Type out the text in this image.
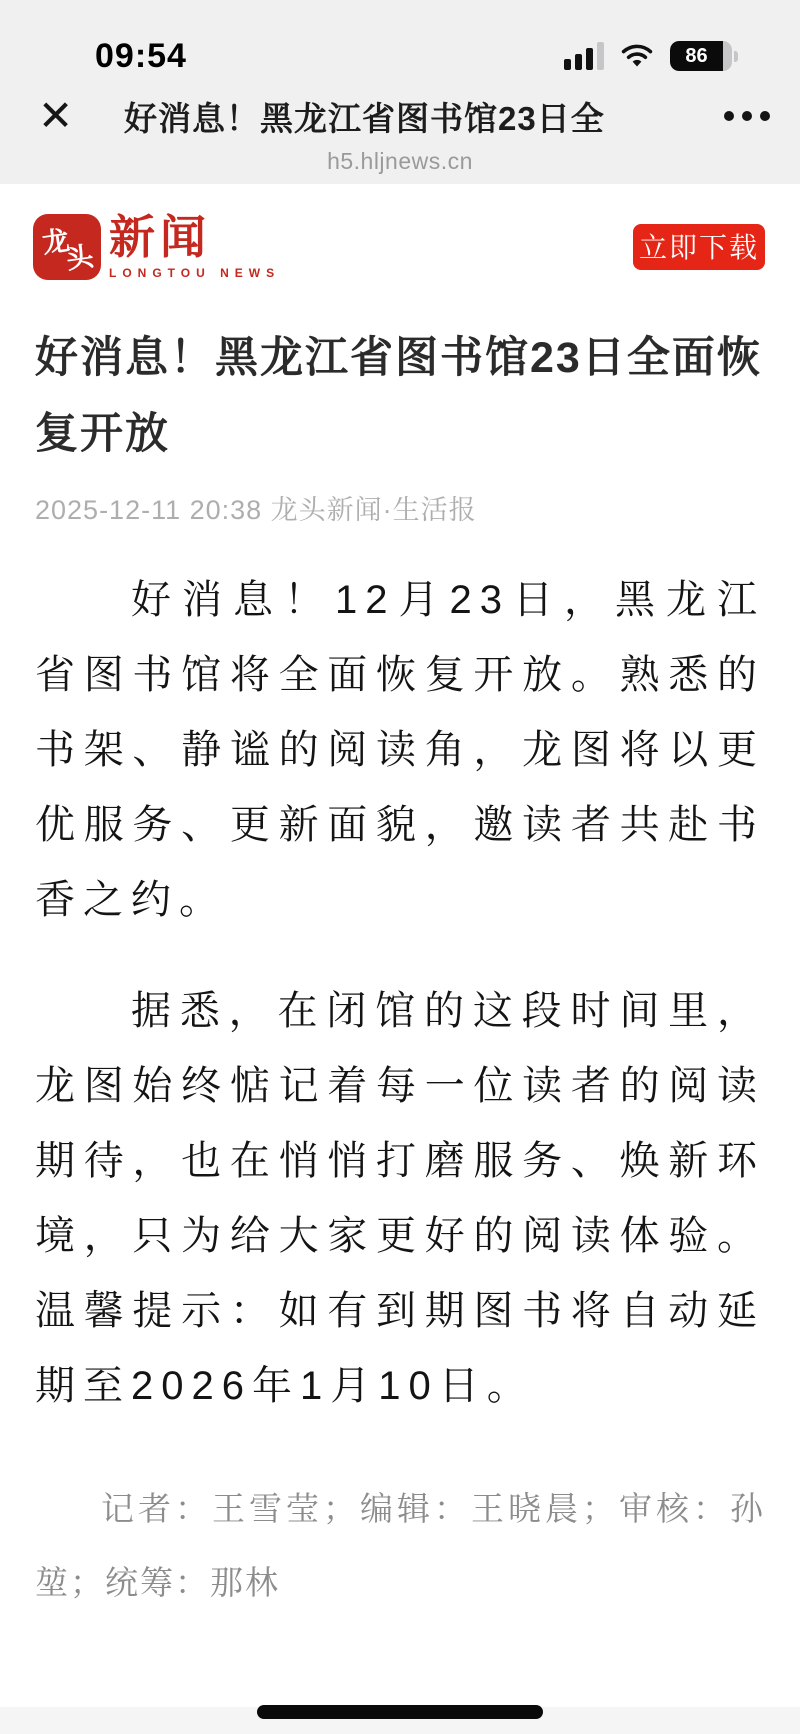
09:54	86
✕	好消息！黑龙江省图书馆23日全
h5.hljnews.cn
龙
头 新闻
LONGTOU NEWS
立即下载
好消息！黑龙江省图书馆23日全面恢复开放
2025-12-11 20:38 龙头新闻·生活报

好消息！12月23日，黑龙江省图书馆将全面恢复开放。熟悉的书架、静谧的阅读角，龙图将以更优服务、更新面貌，邀读者共赴书香之约。

据悉，在闭馆的这段时间里，龙图始终惦记着每一位读者的阅读期待，也在悄悄打磨服务、焕新环境，只为给大家更好的阅读体验。温馨提示：如有到期图书将自动延期至2026年1月10日。

记者：王雪莹；编辑：王晓晨；审核：孙堃；统筹：那林
